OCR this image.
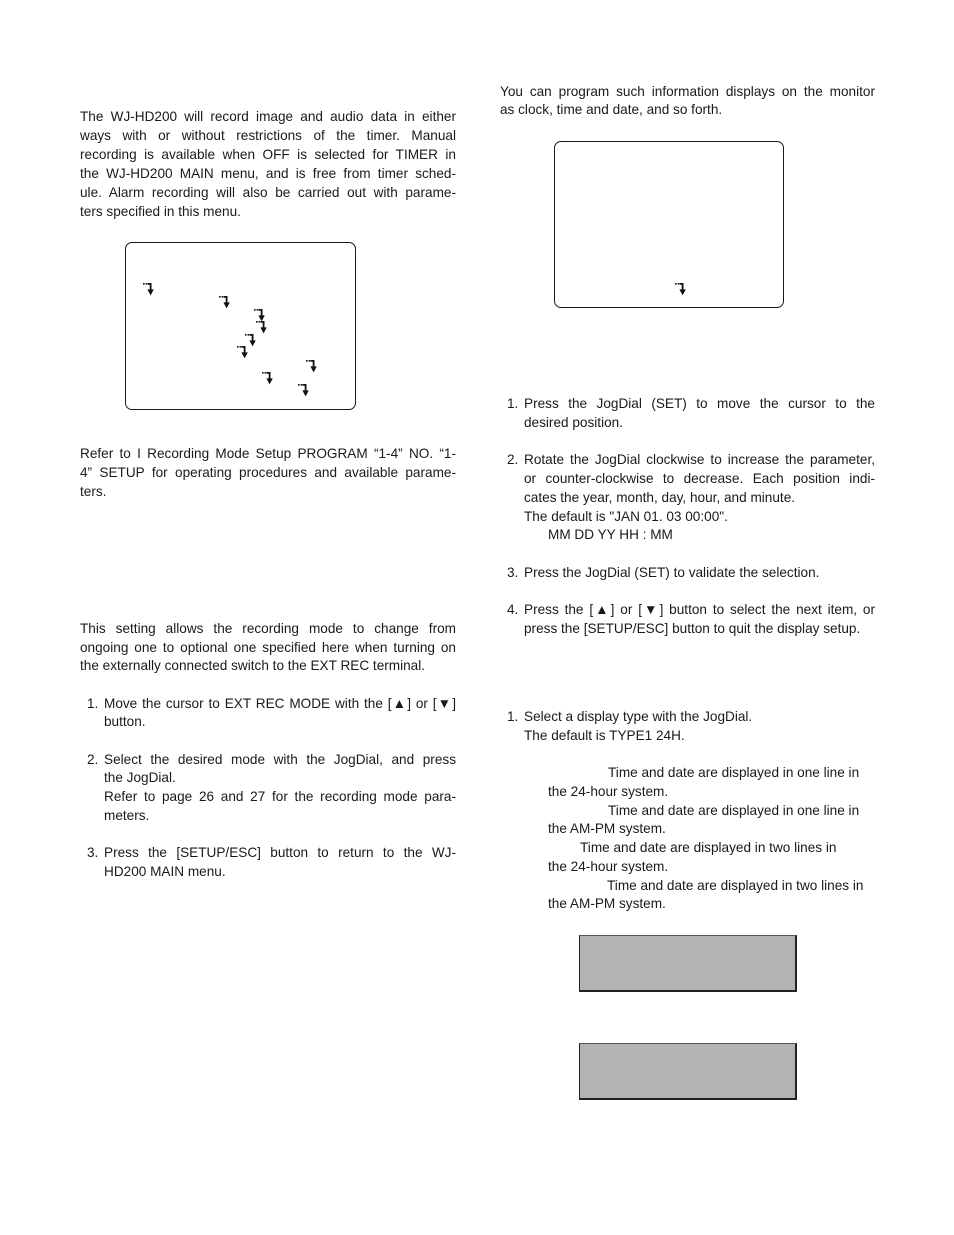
The WJ-HD200 will record image and audio data in either
ways with or without restrictions of the timer. Manual
recording is available when OFF is selected for TIMER in
the WJ-HD200 MAIN menu, and is free from timer sched-
ule. Alarm recording will also be carried out with parame-
ters specified in this menu.
Refer to I Recording Mode Setup PROGRAM “1-4” NO. “1-
4” SETUP for operating procedures and available parame-
ters.
This setting allows the recording mode to change from
ongoing one to optional one specified here when turning on
the externally connected switch to the EXT REC terminal.
1. Move the cursor to EXT REC MODE with the [▲] or [▼]
button.
2. Select the desired mode with the JogDial, and press
the JogDial.
Refer to page 26 and 27 for the recording mode para-
meters.
3. Press the [SETUP/ESC] button to return to the WJ-
HD200 MAIN menu.
You can program such information displays on the monitor
as clock, time and date, and so forth.
1. Press the JogDial (SET) to move the cursor to the
desired position.
2. Rotate the JogDial clockwise to increase the parameter,
or counter-clockwise to decrease. Each position indi-
cates the year, month, day, hour, and minute.
The default is "JAN 01. 03 00:00".
MM DD YY HH : MM
3. Press the JogDial (SET) to validate the selection.
4. Press the [▲] or [▼] button to select the next item, or
press the [SETUP/ESC] button to quit the display setup.
1. Select a display type with the JogDial.
The default is TYPE1 24H.
Time and date are displayed in one line in
the 24-hour system.
Time and date are displayed in one line in
the AM-PM system.
Time and date are displayed in two lines in
the 24-hour system.
Time and date are displayed in two lines in
the AM-PM system.
